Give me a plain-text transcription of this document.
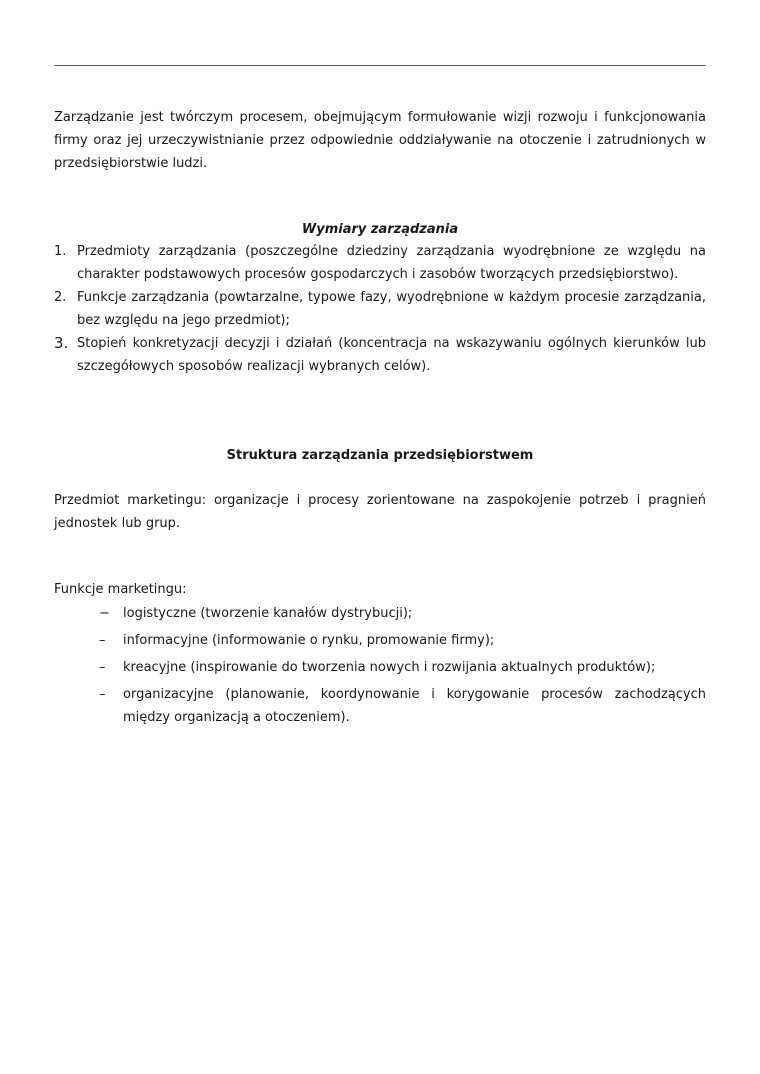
Zarządzanie jest twórczym procesem, obejmującym formułowanie wizji rozwoju i funkcjonowania firmy oraz jej urzeczywistnianie przez odpowiednie oddziaływanie na otoczenie i zatrudnionych w przedsiębiorstwie ludzi.

Wymiary zarządzania

1. Przedmioty zarządzania (poszczególne dziedziny zarządzania wyodrębnione ze względu na charakter podstawowych procesów gospodarczych i zasobów tworzących przedsiębiorstwo).
2. Funkcje zarządzania (powtarzalne, typowe fazy, wyodrębnione w każdym procesie zarządzania, bez względu na jego przedmiot);
3. Stopień konkretyzacji decyzji i działań (koncentracja na wskazywaniu ogólnych kierunków lub szczegółowych sposobów realizacji wybranych celów).

Struktura zarządzania przedsiębiorstwem

Przedmiot marketingu: organizacje i procesy zorientowane na zaspokojenie potrzeb i pragnień jednostek lub grup.

Funkcje marketingu:

− logistyczne (tworzenie kanałów dystrybucji);
– informacyjne (informowanie o rynku, promowanie firmy);
– kreacyjne (inspirowanie do tworzenia nowych i rozwijania aktualnych produktów);
– organizacyjne (planowanie, koordynowanie i korygowanie procesów zachodzących między organizacją a otoczeniem).
